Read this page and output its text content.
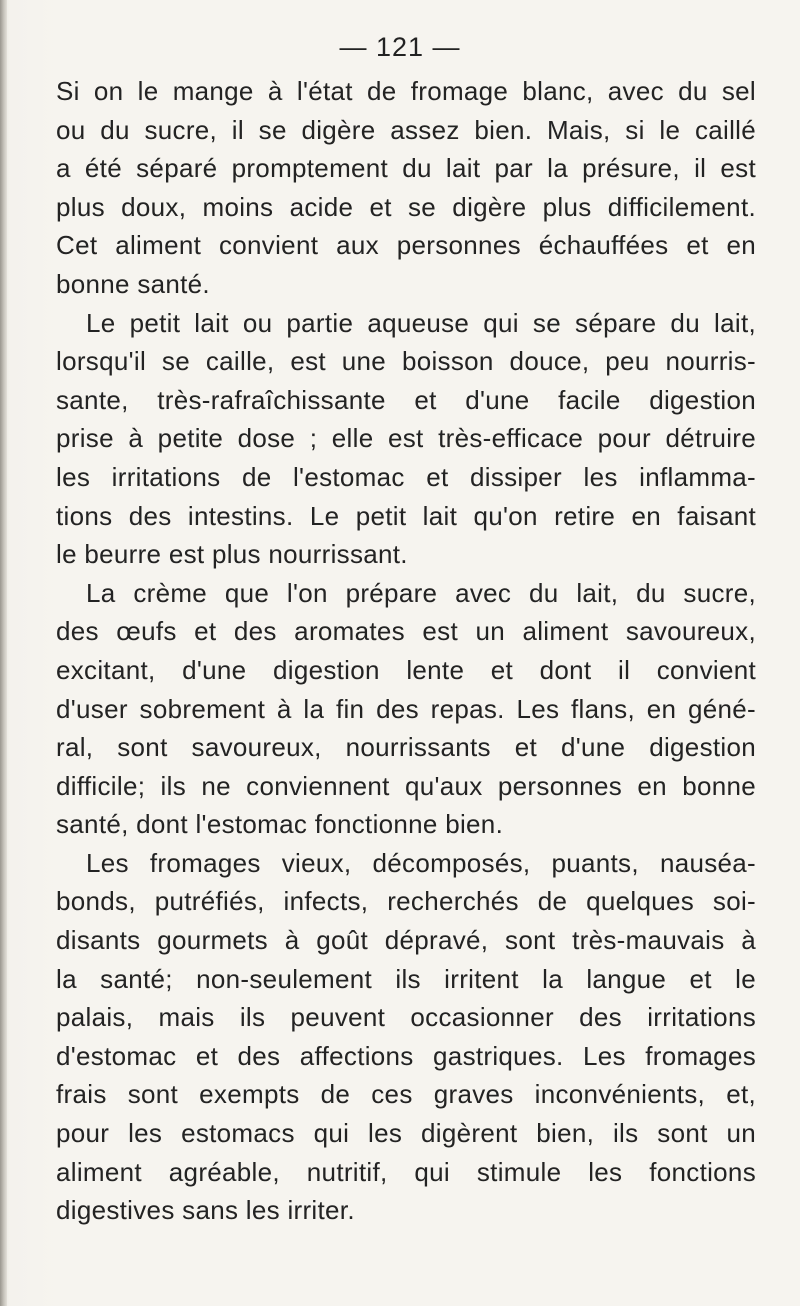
— 121 —
Si on le mange à l'état de fromage blanc, avec du sel
ou du sucre, il se digère assez bien. Mais, si le caillé
a été séparé promptement du lait par la présure, il est
plus doux, moins acide et se digère plus difficilement.
Cet aliment convient aux personnes échauffées et en
bonne santé.
Le petit lait ou partie aqueuse qui se sépare du lait,
lorsqu'il se caille, est une boisson douce, peu nourris-
sante, très-rafraîchissante et d'une facile digestion
prise à petite dose ; elle est très-efficace pour détruire
les irritations de l'estomac et dissiper les inflamma-
tions des intestins. Le petit lait qu'on retire en faisant
le beurre est plus nourrissant.
La crème que l'on prépare avec du lait, du sucre,
des œufs et des aromates est un aliment savoureux,
excitant, d'une digestion lente et dont il convient
d'user sobrement à la fin des repas. Les flans, en géné-
ral, sont savoureux, nourrissants et d'une digestion
difficile; ils ne conviennent qu'aux personnes en bonne
santé, dont l'estomac fonctionne bien.
Les fromages vieux, décomposés, puants, nauséa-
bonds, putréfiés, infects, recherchés de quelques soi-
disants gourmets à goût dépravé, sont très-mauvais à
la santé; non-seulement ils irritent la langue et le
palais, mais ils peuvent occasionner des irritations
d'estomac et des affections gastriques. Les fromages
frais sont exempts de ces graves inconvénients, et,
pour les estomacs qui les digèrent bien, ils sont un
aliment agréable, nutritif, qui stimule les fonctions
digestives sans les irriter.
